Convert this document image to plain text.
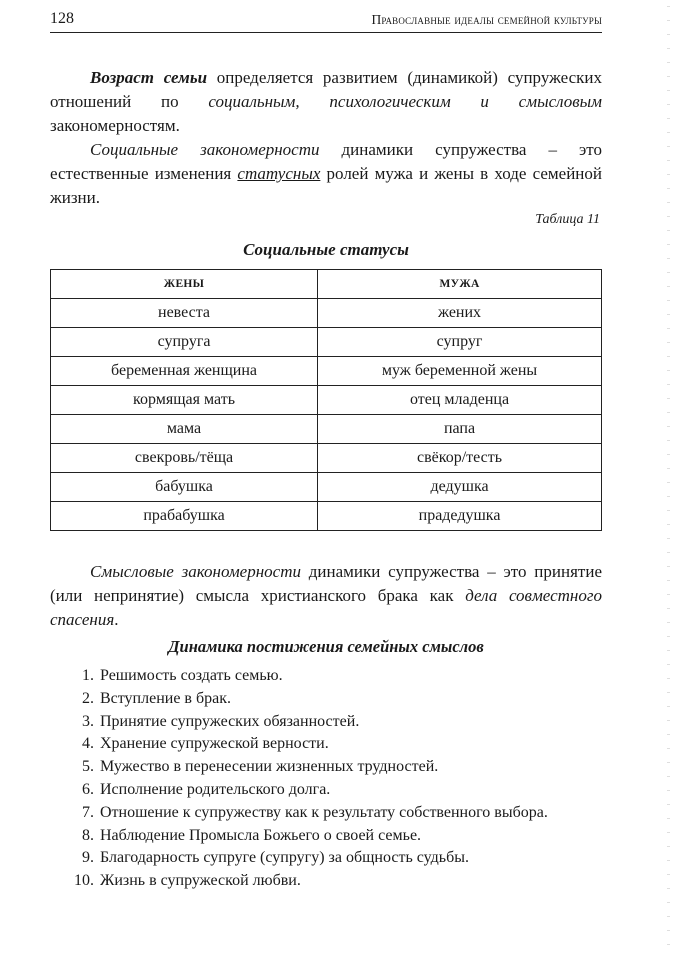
128	Православные идеалы семейной культуры

Возраст семьи определяется развитием (динамикой) супружеских отношений по социальным, психологическим и смысловым закономерностям.

Социальные закономерности динамики супружества – это естественные изменения статусных ролей мужа и жены в ходе семейной жизни.

Таблица 11
Социальные статусы
ЖЕНЫ	МУЖА
невеста	жених
супруга	супруг
беременная женщина	муж беременной жены
кормящая мать	отец младенца
мама	папа
свекровь/тёща	свёкор/тесть
бабушка	дедушка
прабабушка	прадедушка

Смысловые закономерности динамики супружества – это принятие (или непринятие) смысла христианского брака как дела совместного спасения.

Динамика постижения семейных смыслов
1. Решимость создать семью.
2. Вступление в брак.
3. Принятие супружеских обязанностей.
4. Хранение супружеской верности.
5. Мужество в перенесении жизненных трудностей.
6. Исполнение родительского долга.
7. Отношение к супружеству как к результату собственного выбора.
8. Наблюдение Промысла Божьего о своей семье.
9. Благодарность супруге (супругу) за общность судьбы.
10. Жизнь в супружеской любви.
